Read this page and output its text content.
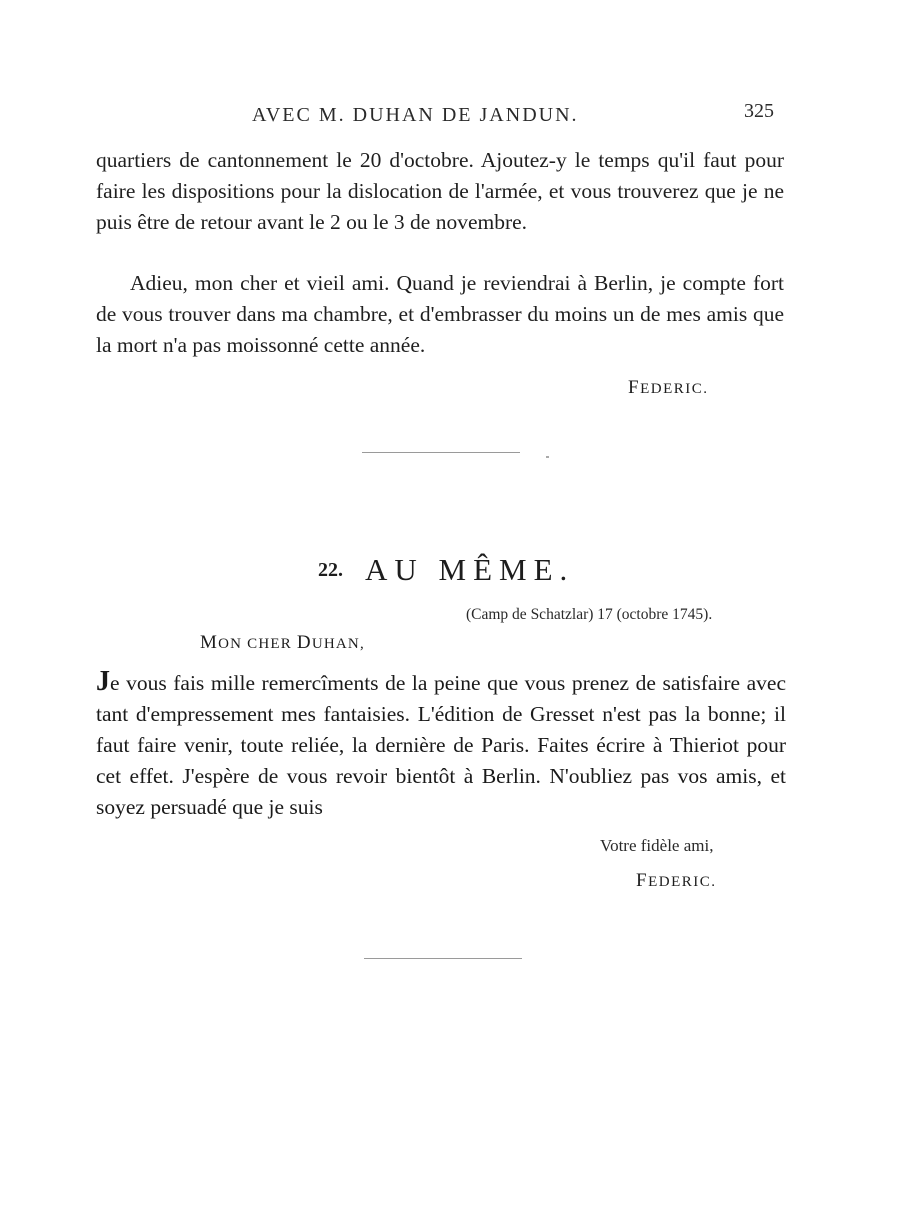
AVEC M. DUHAN DE JANDUN.	325

quartiers de cantonnement le 20 d'octobre. Ajoutez-y le temps qu'il faut pour faire les dispositions pour la dislocation de l'armée, et vous trouverez que je ne puis être de retour avant le 2 ou le 3 de novembre.

Adieu, mon cher et vieil ami. Quand je reviendrai à Berlin, je compte fort de vous trouver dans ma chambre, et d'embrasser du moins un de mes amis que la mort n'a pas moissonné cette année.

FEDERIC.
22. AU MÊME.
(Camp de Schatzlar) 17 (octobre 1745).
MON CHER DUHAN,

Je vous fais mille remercîments de la peine que vous prenez de satisfaire avec tant d'empressement mes fantaisies. L'édition de Gresset n'est pas la bonne; il faut faire venir, toute reliée, la dernière de Paris. Faites écrire à Thieriot pour cet effet. J'espère de vous revoir bientôt à Berlin. N'oubliez pas vos amis, et soyez persuadé que je suis

Votre fidèle ami,
FEDERIC.
